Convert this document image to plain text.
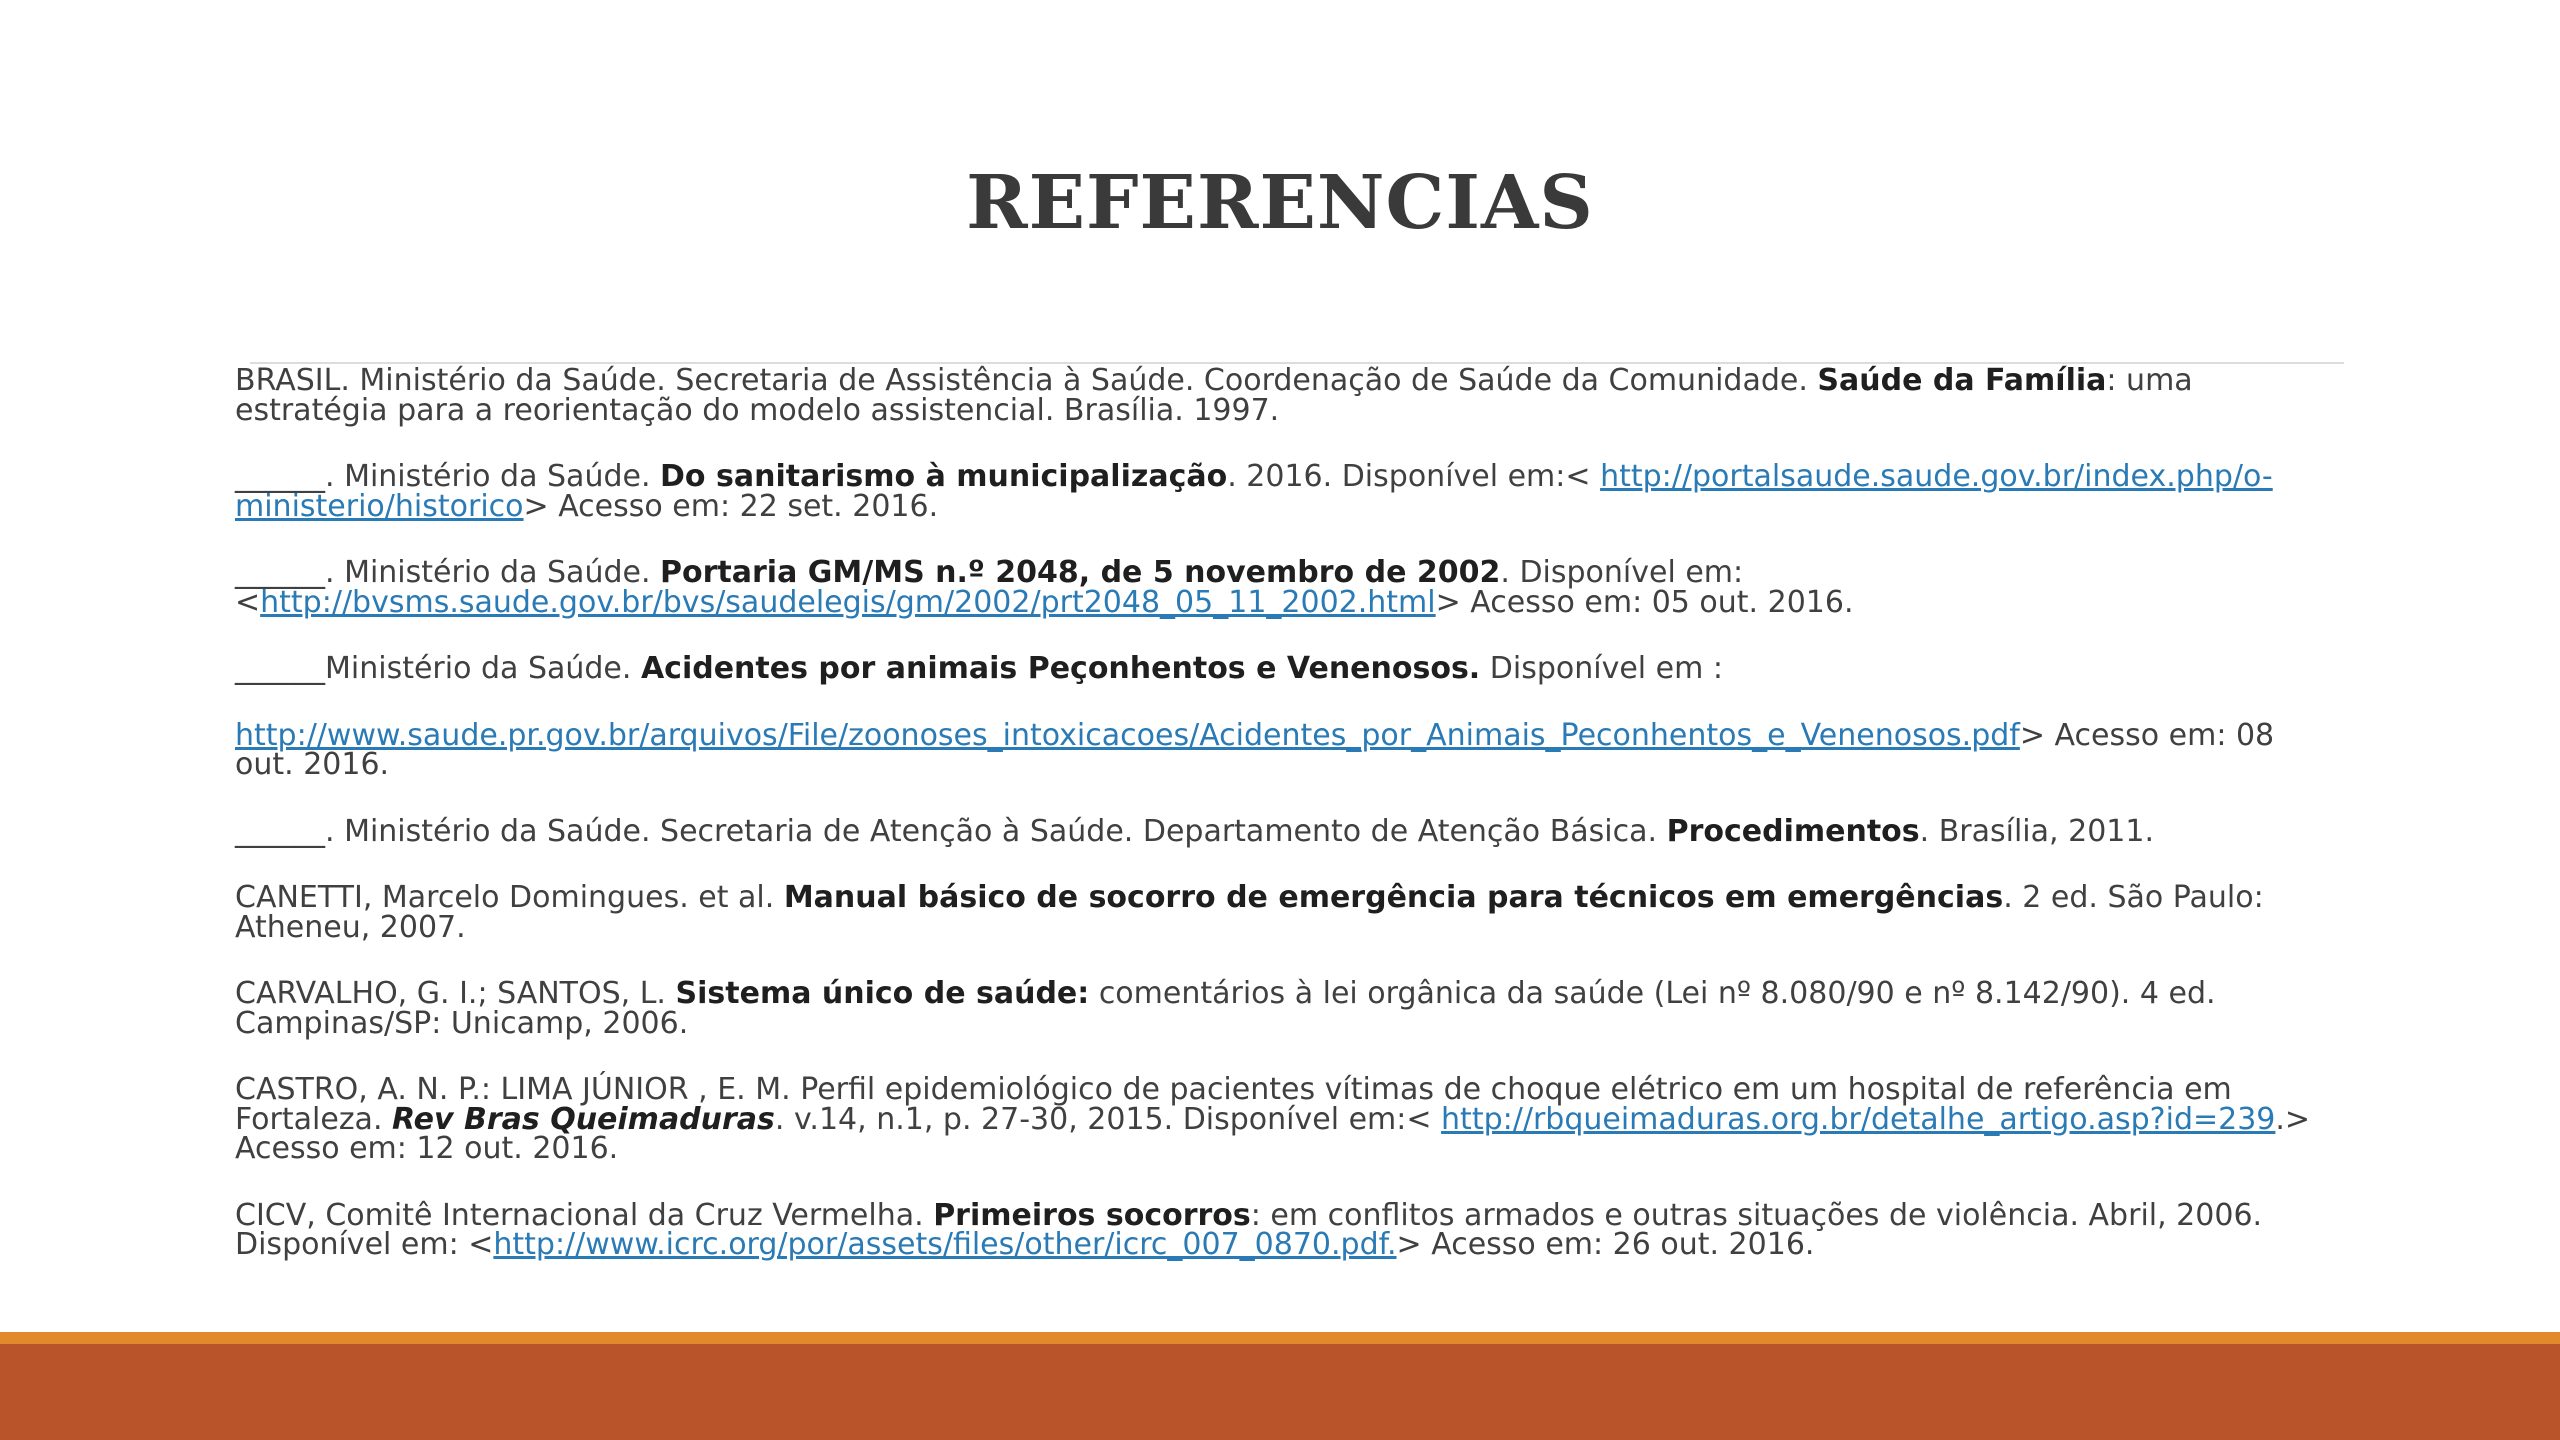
REFERENCIAS

BRASIL. Ministério da Saúde. Secretaria de Assistência à Saúde. Coordenação de Saúde da Comunidade. Saúde da Família: uma estratégia para a reorientação do modelo assistencial. Brasília. 1997.

______. Ministério da Saúde. Do sanitarismo à municipalização. 2016. Disponível em:< http://portalsaude.saude.gov.br/index.php/o-ministerio/historico> Acesso em: 22 set. 2016.

______. Ministério da Saúde. Portaria GM/MS n.º 2048, de 5 novembro de 2002. Disponível em: <http://bvsms.saude.gov.br/bvs/saudelegis/gm/2002/prt2048_05_11_2002.html> Acesso em: 05 out. 2016.

______Ministério da Saúde. Acidentes por animais Peçonhentos e Venenosos. Disponível em :

http://www.saude.pr.gov.br/arquivos/File/zoonoses_intoxicacoes/Acidentes_por_Animais_Peconhentos_e_Venenosos.pdf> Acesso em: 08 out. 2016.

______. Ministério da Saúde. Secretaria de Atenção à Saúde. Departamento de Atenção Básica. Procedimentos. Brasília, 2011.

CANETTI, Marcelo Domingues. et al. Manual básico de socorro de emergência para técnicos em emergências. 2 ed. São Paulo: Atheneu, 2007.

CARVALHO, G. I.; SANTOS, L. Sistema único de saúde: comentários à lei orgânica da saúde (Lei nº 8.080/90 e nº 8.142/90). 4 ed. Campinas/SP: Unicamp, 2006.

CASTRO, A. N. P.: LIMA JÚNIOR , E. M. Perfil epidemiológico de pacientes vítimas de choque elétrico em um hospital de referência em Fortaleza. Rev Bras Queimaduras. v.14, n.1, p. 27-30, 2015. Disponível em:< http://rbqueimaduras.org.br/detalhe_artigo.asp?id=239.> Acesso em: 12 out. 2016.

CICV, Comitê Internacional da Cruz Vermelha. Primeiros socorros: em conflitos armados e outras situações de violência. Abril, 2006. Disponível em: <http://www.icrc.org/por/assets/files/other/icrc_007_0870.pdf.> Acesso em: 26 out. 2016.
